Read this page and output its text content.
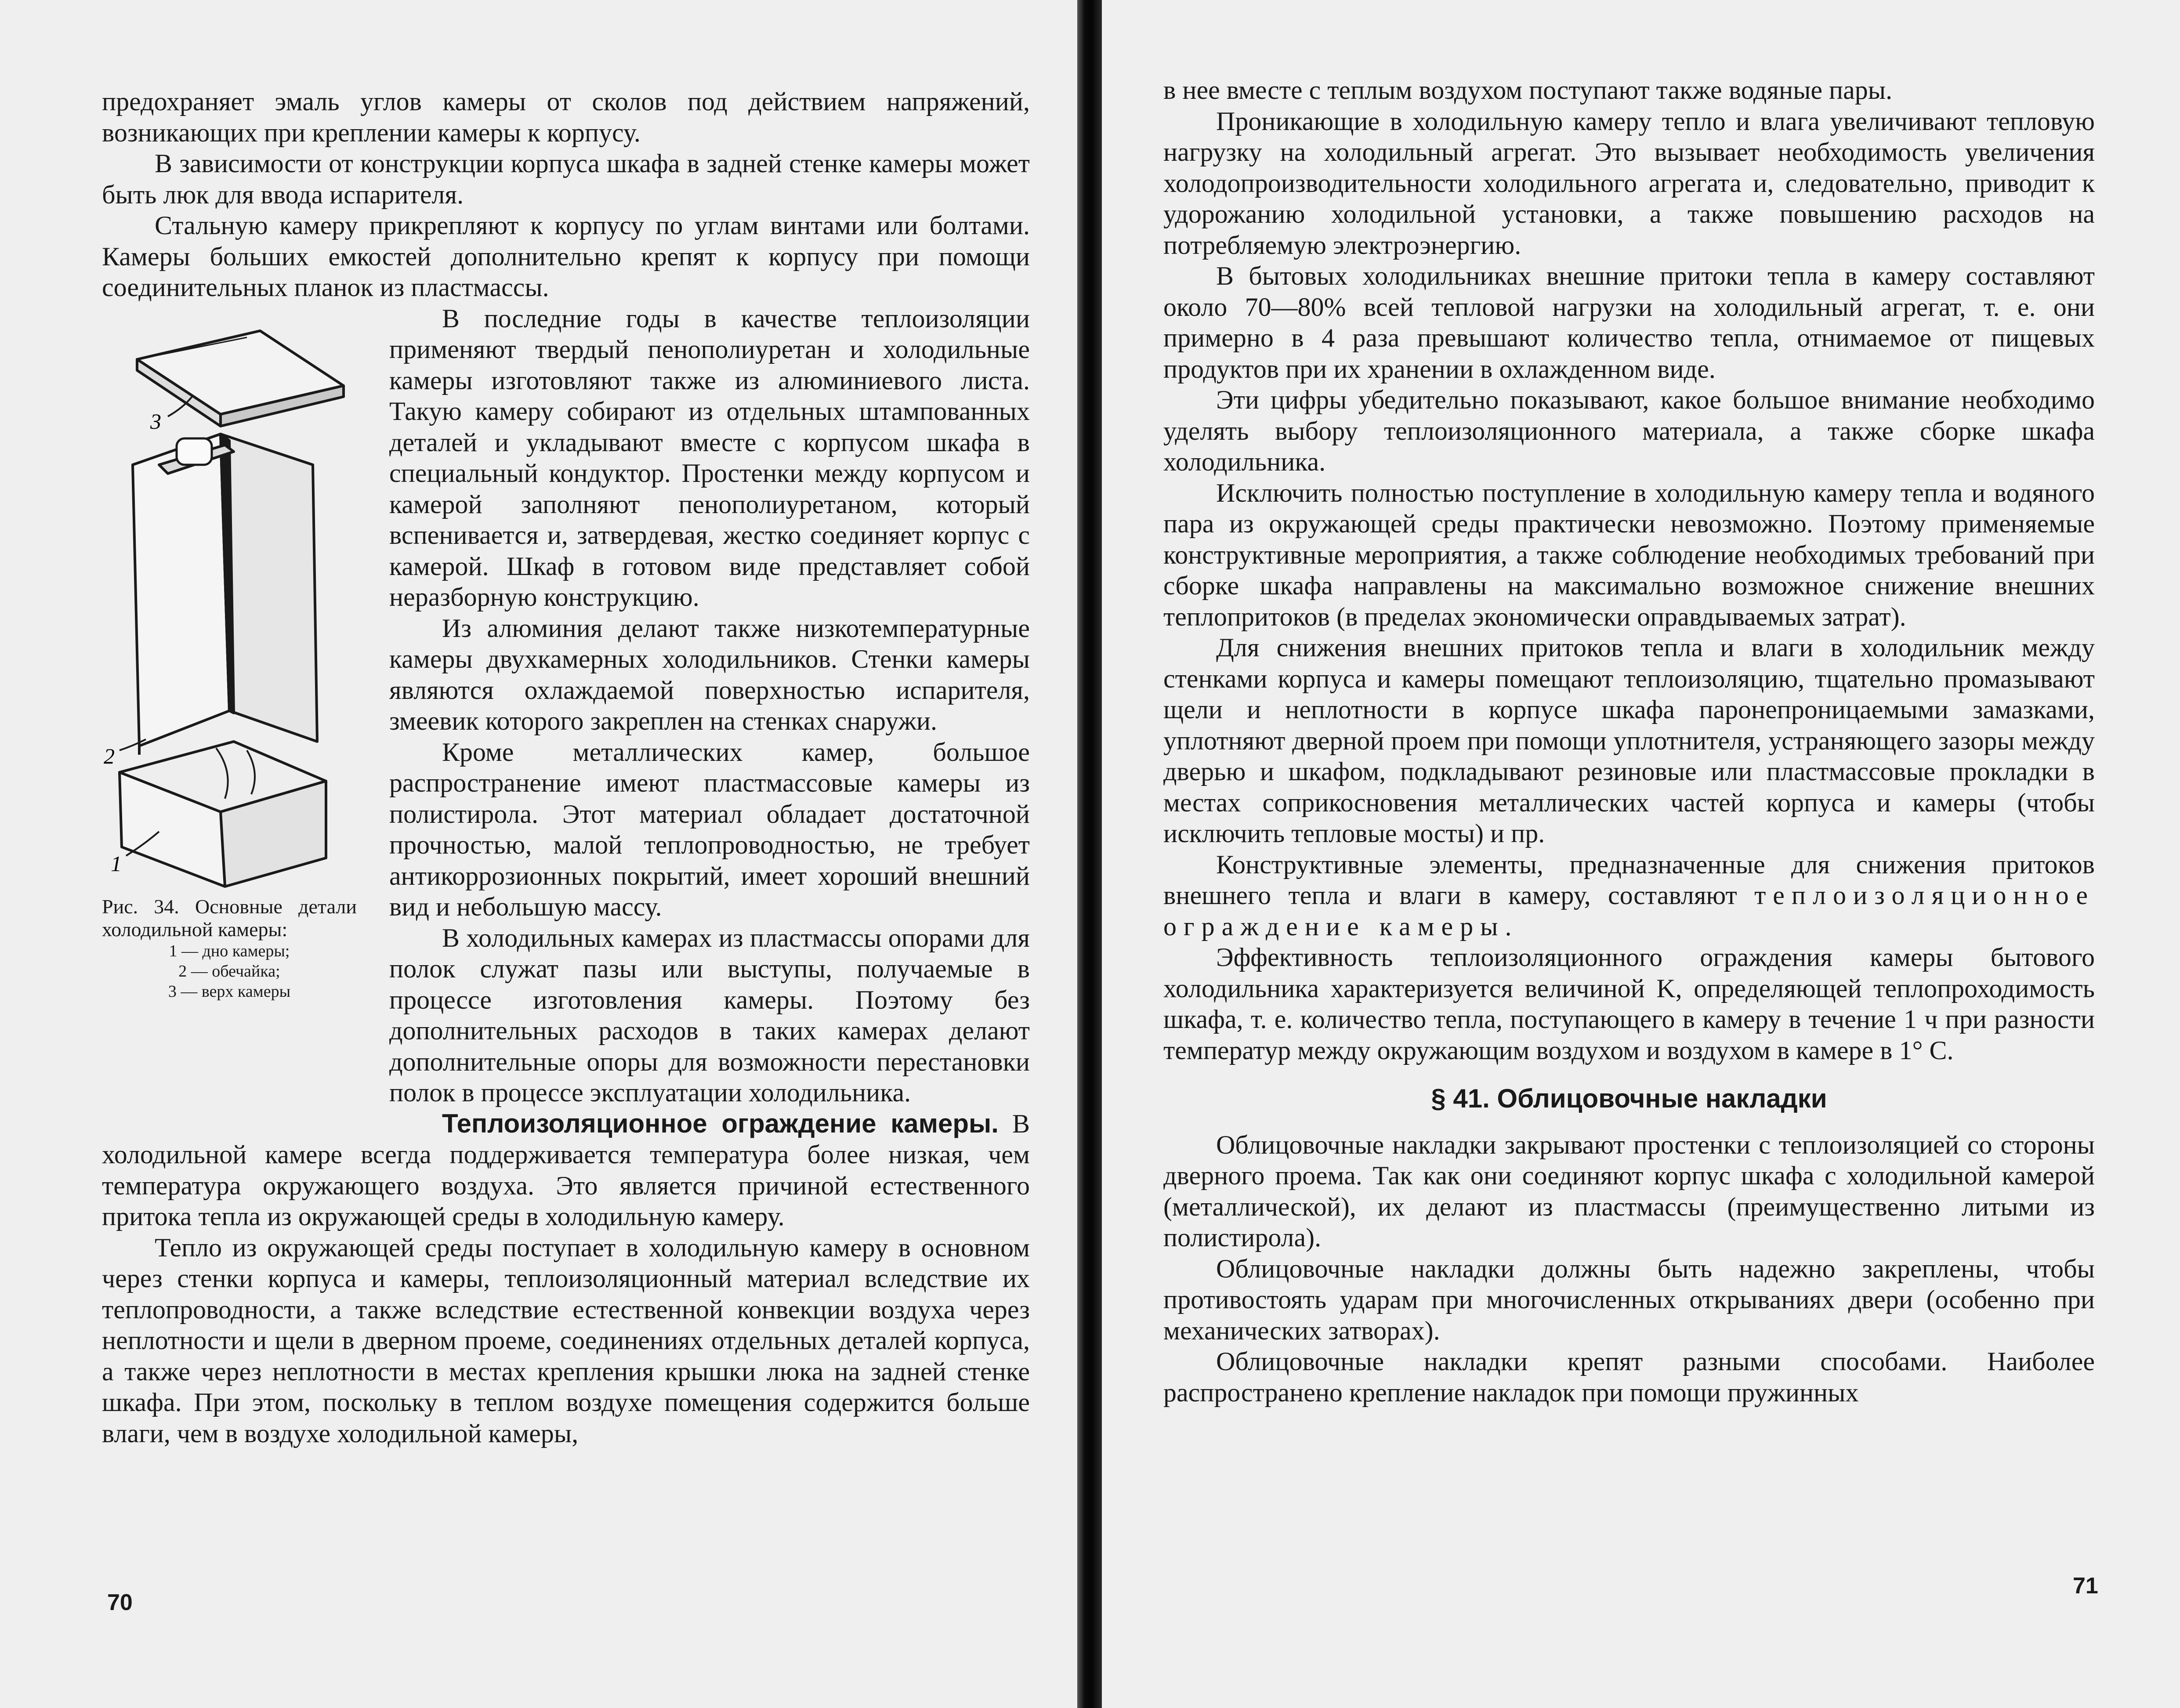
предохраняет эмаль углов камеры от сколов под действием напряжений, возникающих при креплении камеры к корпусу.

В зависимости от конструкции корпуса шкафа в задней стенке камеры может быть люк для ввода испарителя.

Стальную камеру прикрепляют к корпусу по углам винтами или болтами. Камеры больших емкостей дополнительно крепят к корпусу при помощи соединительных планок из пластмассы.

3
2
1
Рис. 34. Основные детали холодильной камеры:
1 — дно камеры;
2 — обечайка;
3 — верх камеры

В последние годы в качестве теплоизоляции применяют твердый пенополиуретан и холодильные камеры изготовляют также из алюминиевого листа. Такую камеру собирают из отдельных штампованных деталей и укладывают вместе с корпусом шкафа в специальный кондуктор. Простенки между корпусом и камерой заполняют пенополиуретаном, который вспенивается и, затвердевая, жестко соединяет корпус с камерой. Шкаф в готовом виде представляет собой неразборную конструкцию.

Из алюминия делают также низкотемпературные камеры двухкамерных холодильников. Стенки камеры являются охлаждаемой поверхностью испарителя, змеевик которого закреплен на стенках снаружи.

Кроме металлических камер, большое распространение имеют пластмассовые камеры из полистирола. Этот материал обладает достаточной прочностью, малой теплопроводностью, не требует антикоррозионных покрытий, имеет хороший внешний вид и небольшую массу.

В холодильных камерах из пластмассы опорами для полок служат пазы или выступы, получаемые в процессе изготовления камеры. Поэтому без дополнительных расходов в таких камерах делают дополнительные опоры для возможности перестановки полок в процессе эксплуатации холодильника.

Теплоизоляционное ограждение камеры. В холодильной камере всегда поддерживается температура более низкая, чем температура окружающего воздуха. Это является причиной естественного притока тепла из окружающей среды в холодильную камеру.

Тепло из окружающей среды поступает в холодильную камеру в основном через стенки корпуса и камеры, теплоизоляционный материал вследствие их теплопроводности, а также вследствие естественной конвекции воздуха через неплотности и щели в дверном проеме, соединениях отдельных деталей корпуса, а также через неплотности в местах крепления крышки люка на задней стенке шкафа. При этом, поскольку в теплом воздухе помещения содержится больше влаги, чем в воздухе холодильной камеры,

70

в нее вместе с теплым воздухом поступают также водяные пары.

Проникающие в холодильную камеру тепло и влага увеличивают тепловую нагрузку на холодильный агрегат. Это вызывает необходимость увеличения холодопроизводительности холодильного агрегата и, следовательно, приводит к удорожанию холодильной установки, а также повышению расходов на потребляемую электроэнергию.

В бытовых холодильниках внешние притоки тепла в камеру составляют около 70—80% всей тепловой нагрузки на холодильный агрегат, т. е. они примерно в 4 раза превышают количество тепла, отнимаемое от пищевых продуктов при их хранении в охлажденном виде.

Эти цифры убедительно показывают, какое большое внимание необходимо уделять выбору теплоизоляционного материала, а также сборке шкафа холодильника.

Исключить полностью поступление в холодильную камеру тепла и водяного пара из окружающей среды практически невозможно. Поэтому применяемые конструктивные мероприятия, а также соблюдение необходимых требований при сборке шкафа направлены на максимально возможное снижение внешних теплопритоков (в пределах экономически оправдываемых затрат).

Для снижения внешних притоков тепла и влаги в холодильник между стенками корпуса и камеры помещают теплоизоляцию, тщательно промазывают щели и неплотности в корпусе шкафа паронепроницаемыми замазками, уплотняют дверной проем при помощи уплотнителя, устраняющего зазоры между дверью и шкафом, подкладывают резиновые или пластмассовые прокладки в местах соприкосновения металлических частей корпуса и камеры (чтобы исключить тепловые мосты) и пр.

Конструктивные элементы, предназначенные для снижения притоков внешнего тепла и влаги в камеру, составляют теплоизоляционное ограждение камеры.

Эффективность теплоизоляционного ограждения камеры бытового холодильника характеризуется величиной K, определяющей теплопроходимость шкафа, т. е. количество тепла, поступающего в камеру в течение 1 ч при разности температур между окружающим воздухом и воздухом в камере в 1° С.

§ 41. Облицовочные накладки

Облицовочные накладки закрывают простенки с теплоизоляцией со стороны дверного проема. Так как они соединяют корпус шкафа с холодильной камерой (металлической), их делают из пластмассы (преимущественно литыми из полистирола).

Облицовочные накладки должны быть надежно закреплены, чтобы противостоять ударам при многочисленных открываниях двери (особенно при механических затворах).

Облицовочные накладки крепят разными способами. Наиболее распространено крепление накладок при помощи пружинных

71
